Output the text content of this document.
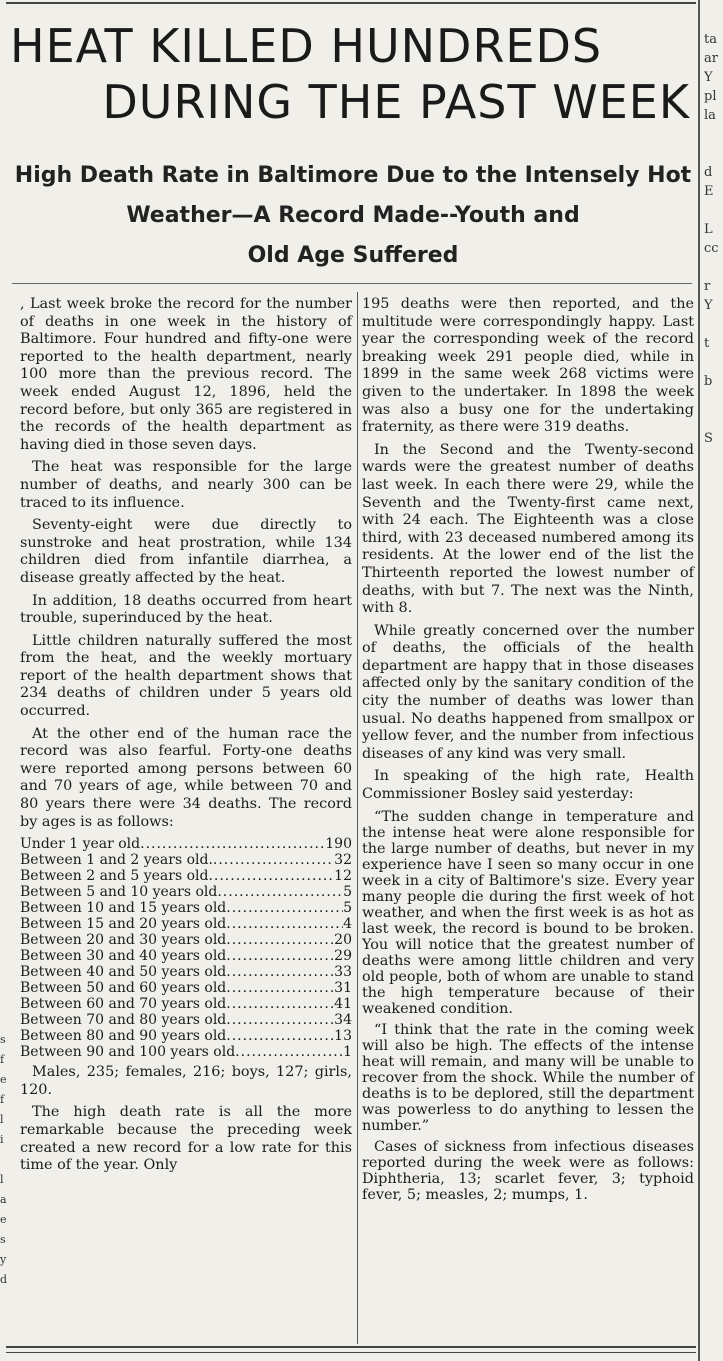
HEAT KILLED HUNDREDS
DURING THE PAST WEEK
High Death Rate in Baltimore Due to the Intensely Hot
Weather—A Record Made--Youth and
Old Age Suffered

, Last week broke the record for the number of deaths in one week in the history of Baltimore. Four hundred and fifty-one were reported to the health department, nearly 100 more than the previous record. The week ended August 12, 1896, held the record before, but only 365 are registered in the records of the health department as having died in those seven days.

The heat was responsible for the large number of deaths, and nearly 300 can be traced to its influence.

Seventy-eight were due directly to sunstroke and heat prostration, while 134 children died from infantile diarrhea, a disease greatly affected by the heat.

In addition, 18 deaths occurred from heart trouble, superinduced by the heat.

Little children naturally suffered the most from the heat, and the weekly mortuary report of the health department shows that 234 deaths of children under 5 years old occurred.

At the other end of the human race the record was also fearful. Forty-one deaths were reported among persons between 60 and 70 years of age, while between 70 and 80 years there were 34 deaths. The record by ages is as follows:

Under 1 year old .....	190
Between 1 and 2 years old. .....	32
Between 2 and 5 years old .....	12
Between 5 and 10 years old .....	5
Between 10 and 15 years old .....	5
Between 15 and 20 years old .....	4
Between 20 and 30 years old .....	20
Between 30 and 40 years old .....	29
Between 40 and 50 years old .....	33
Between 50 and 60 years old .....	31
Between 60 and 70 years old .....	41
Between 70 and 80 years old .....	34
Between 80 and 90 years old .....	13
Between 90 and 100 years old .....	1

Males, 235; females, 216; boys, 127; girls, 120.

The high death rate is all the more remarkable because the preceding week created a new record for a low rate for this time of the year. Only

195 deaths were then reported, and the multitude were correspondingly happy. Last year the corresponding week of the record breaking week 291 people died, while in 1899 in the same week 268 victims were given to the undertaker. In 1898 the week was also a busy one for the undertaking fraternity, as there were 319 deaths.

In the Second and the Twenty-second wards were the greatest number of deaths last week. In each there were 29, while the Seventh and the Twenty-first came next, with 24 each. The Eighteenth was a close third, with 23 deceased numbered among its residents. At the lower end of the list the Thirteenth reported the lowest number of deaths, with but 7. The next was the Ninth, with 8.

While greatly concerned over the number of deaths, the officials of the health department are happy that in those diseases affected only by the sanitary condition of the city the number of deaths was lower than usual. No deaths happened from smallpox or yellow fever, and the number from infectious diseases of any kind was very small.

In speaking of the high rate, Health Commissioner Bosley said yesterday:

“The sudden change in temperature and the intense heat were alone responsible for the large number of deaths, but never in my experience have I seen so many occur in one week in a city of Baltimore's size. Every year many people die during the first week of hot weather, and when the first week is as hot as last week, the record is bound to be broken. You will notice that the greatest number of deaths were among little children and very old people, both of whom are unable to stand the high temperature because of their weakened condition.

“I think that the rate in the coming week will also be high. The effects of the intense heat will remain, and many will be unable to recover from the shock. While the number of deaths is to be deplored, still the department was powerless to do anything to lessen the number.”

Cases of sickness from infectious diseases reported during the week were as follows: Diphtheria, 13; scarlet fever, 3; typhoid fever, 5; measles, 2; mumps, 1.

ta
ar
Y
pl
la

d
E

L
cc

r
Y

t

b

S
s
f
e
f
l
i

l
a
e
s
y
d
